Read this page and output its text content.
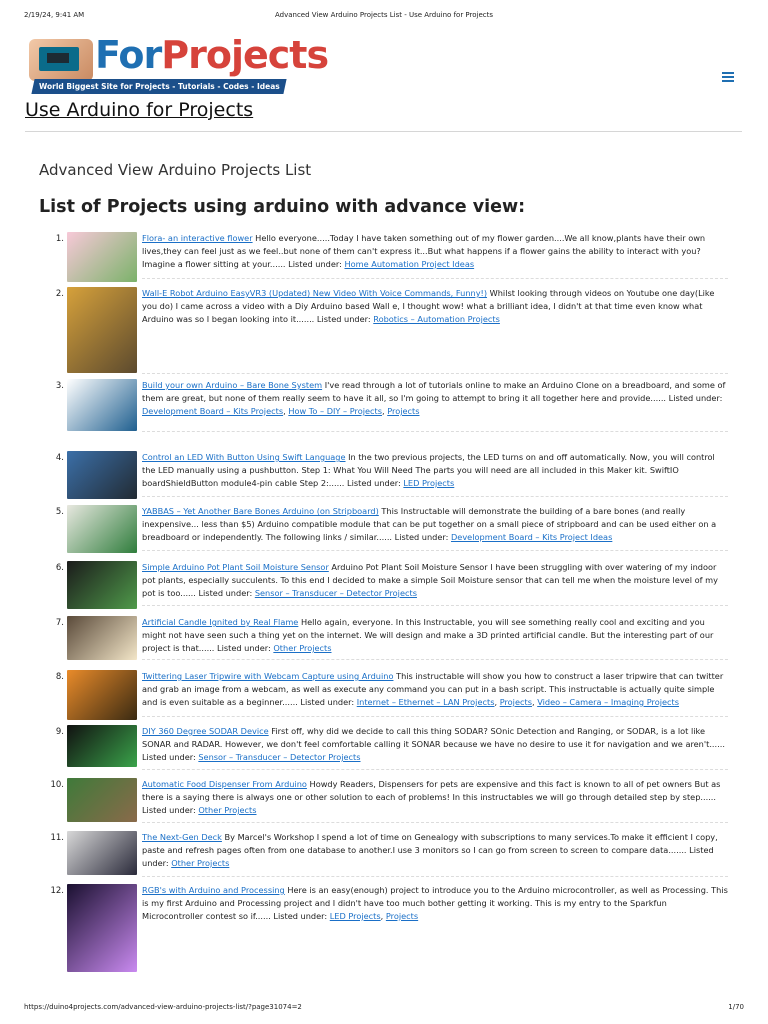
2/19/24, 9:41 AM	Advanced View Arduino Projects List - Use Arduino for Projects
ForProjects
World Biggest Site for Projects - Tutorials - Codes - Ideas
Use Arduino for Projects
Advanced View Arduino Projects List
List of Projects using arduino with advance view:
1.	Flora- an interactive flower Hello everyone.....Today I have taken something out of my flower garden....We all know,plants have their own lives,they can feel just as we feel..but none of them can't express it...But what happens if a flower gains the ability to interact with you? Imagine a flower sitting at your...... Listed under: Home Automation Project Ideas
2.	Wall-E Robot Arduino EasyVR3 (Updated) New Video With Voice Commands, Funny!) Whilst looking through videos on Youtube one day(Like you do) I came across a video with a Diy Arduino based Wall e, I thought wow! what a brilliant idea, I didn't at that time even know what Arduino was so I began looking into it....... Listed under: Robotics – Automation Projects
3.	Build your own Arduino – Bare Bone System I've read through a lot of tutorials online to make an Arduino Clone on a breadboard, and some of them are great, but none of them really seem to have it all, so I'm going to attempt to bring it all together here and provide...... Listed under: Development Board – Kits Projects, How To – DIY – Projects, Projects
4.	Control an LED With Button Using Swift Language In the two previous projects, the LED turns on and off automatically. Now, you will control the LED manually using a pushbutton. Step 1: What You Will Need The parts you will need are all included in this Maker kit. SwiftIO boardShieldButton module4-pin cable Step 2:...... Listed under: LED Projects
5.	YABBAS – Yet Another Bare Bones Arduino (on Stripboard) This Instructable will demonstrate the building of a bare bones (and really inexpensive... less than $5) Arduino compatible module that can be put together on a small piece of stripboard and can be used either on a breadboard or independently. The following links / similar...... Listed under: Development Board – Kits Project Ideas
6.	Simple Arduino Pot Plant Soil Moisture Sensor Arduino Pot Plant Soil Moisture Sensor I have been struggling with over watering of my indoor pot plants, especially succulents. To this end I decided to make a simple Soil Moisture sensor that can tell me when the moisture level of my pot is too...... Listed under: Sensor – Transducer – Detector Projects
7.	Artificial Candle Ignited by Real Flame Hello again, everyone. In this Instructable, you will see something really cool and exciting and you might not have seen such a thing yet on the internet. We will design and make a 3D printed artificial candle. But the interesting part of our project is that...... Listed under: Other Projects
8.	Twittering Laser Tripwire with Webcam Capture using Arduino This instructable will show you how to construct a laser tripwire that can twitter and grab an image from a webcam, as well as execute any command you can put in a bash script. This instructable is actually quite simple and is even suitable as a beginner...... Listed under: Internet – Ethernet – LAN Projects, Projects, Video – Camera – Imaging Projects
9.	DIY 360 Degree SODAR Device First off, why did we decide to call this thing SODAR? SOnic Detection and Ranging, or SODAR, is a lot like SONAR and RADAR. However, we don't feel comfortable calling it SONAR because we have no desire to use it for navigation and we aren't...... Listed under: Sensor – Transducer – Detector Projects
10.	Automatic Food Dispenser From Arduino Howdy Readers, Dispensers for pets are expensive and this fact is known to all of pet owners But as there is a saying there is always one or other solution to each of problems! In this instructables we will go through detailed step by step...... Listed under: Other Projects
11.	The Next-Gen Deck By Marcel's Workshop I spend a lot of time on Genealogy with subscriptions to many services.To make it efficient I copy, paste and refresh pages often from one database to another.I use 3 monitors so I can go from screen to screen to compare data....... Listed under: Other Projects
12.	RGB's with Arduino and Processing Here is an easy(enough) project to introduce you to the Arduino microcontroller, as well as Processing. This is my first Arduino and Processing project and I didn't have too much bother getting it working. This is my entry to the Sparkfun Microcontroller contest so if...... Listed under: LED Projects, Projects
https://duino4projects.com/advanced-view-arduino-projects-list/?page31074=2	1/70
